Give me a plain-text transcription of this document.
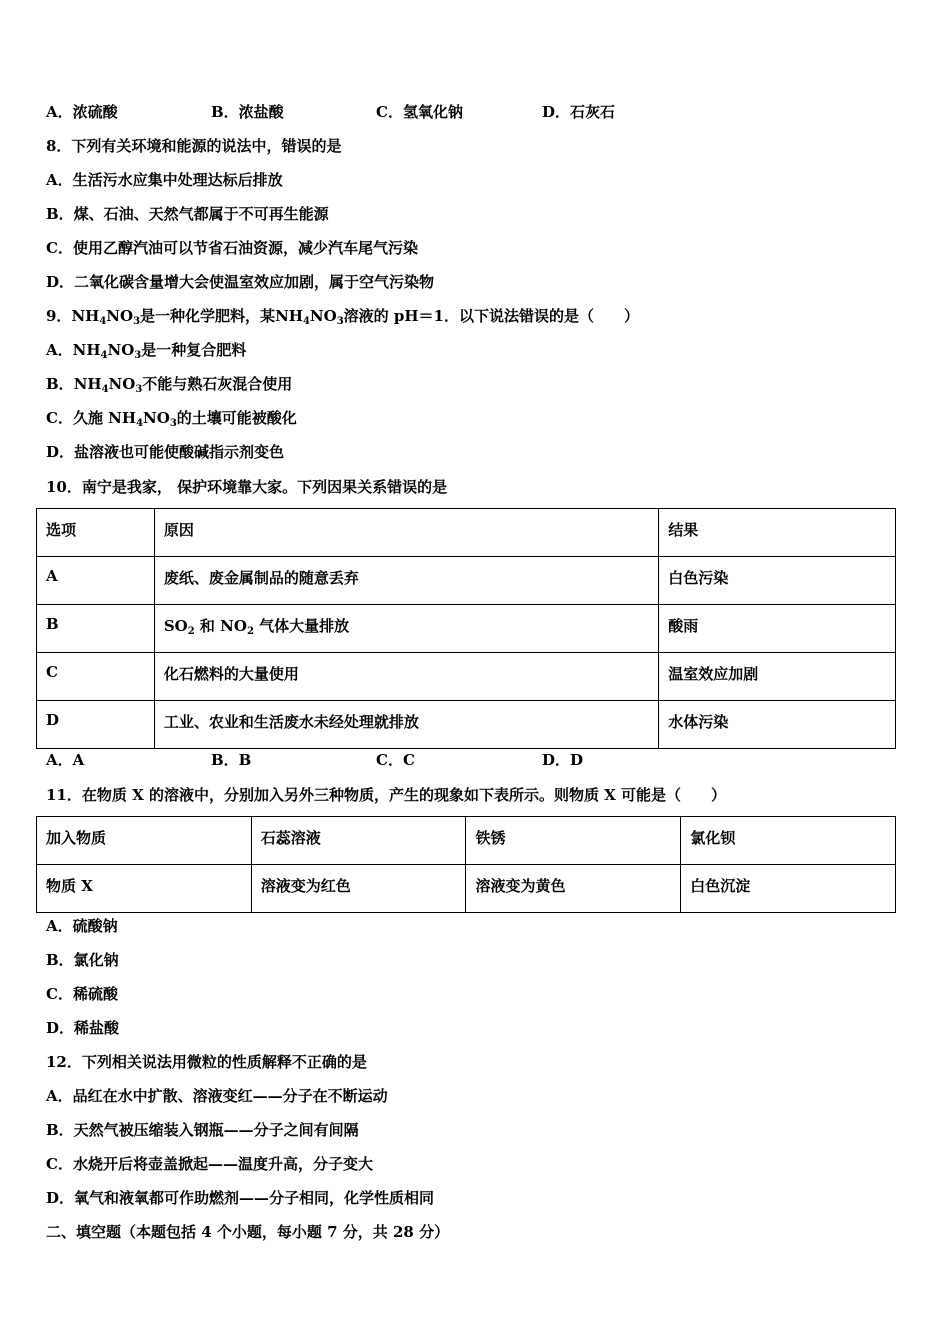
A．浓硫酸	B．浓盐酸	C．氢氧化钠	D．石灰石
8．下列有关环境和能源的说法中，错误的是
A．生活污水应集中处理达标后排放
B．煤、石油、天然气都属于不可再生能源
C．使用乙醇汽油可以节省石油资源，减少汽车尾气污染
D．二氧化碳含量增大会使温室效应加剧，属于空气污染物
9．$NH_4NO_3$是一种化学肥料，某$NH_4NO_3$溶液的 pH＝1．以下说法错误的是（　　）
A．$NH_4NO_3$是一种复合肥料
B．$NH_4NO_3$不能与熟石灰混合使用
C．久施 $NH_4NO_3$的土壤可能被酸化
D．盐溶液也可能使酸碱指示剂变色
10．南宁是我家， 保护环境靠大家。下列因果关系错误的是
选项	原因	结果
A	废纸、废金属制品的随意丢弃	白色污染
B	$SO_2$ 和 $NO_2$ 气体大量排放	酸雨
C	化石燃料的大量使用	温室效应加剧
D	工业、农业和生活废水未经处理就排放	水体污染
A．A	B．B	C．C	D．D
11．在物质 X 的溶液中，分别加入另外三种物质，产生的现象如下表所示。则物质 X 可能是（　　）
加入物质	石蕊溶液	铁锈	氯化钡
物质 X	溶液变为红色	溶液变为黄色	白色沉淀
A．硫酸钠
B．氯化钠
C．稀硫酸
D．稀盐酸
12．下列相关说法用微粒的性质解释不正确的是
A．品红在水中扩散、溶液变红——分子在不断运动
B．天然气被压缩装入钢瓶——分子之间有间隔
C．水烧开后将壶盖掀起——温度升高，分子变大
D．氧气和液氧都可作助燃剂——分子相同，化学性质相同
二、填空题（本题包括 4 个小题，每小题 7 分，共 28 分）
